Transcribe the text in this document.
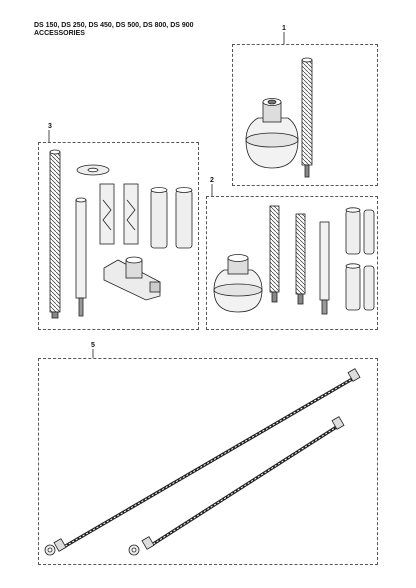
DS 150, DS 250, DS 450, DS 500, DS 800, DS 900
ACCESSORIES
1
3
2
5
